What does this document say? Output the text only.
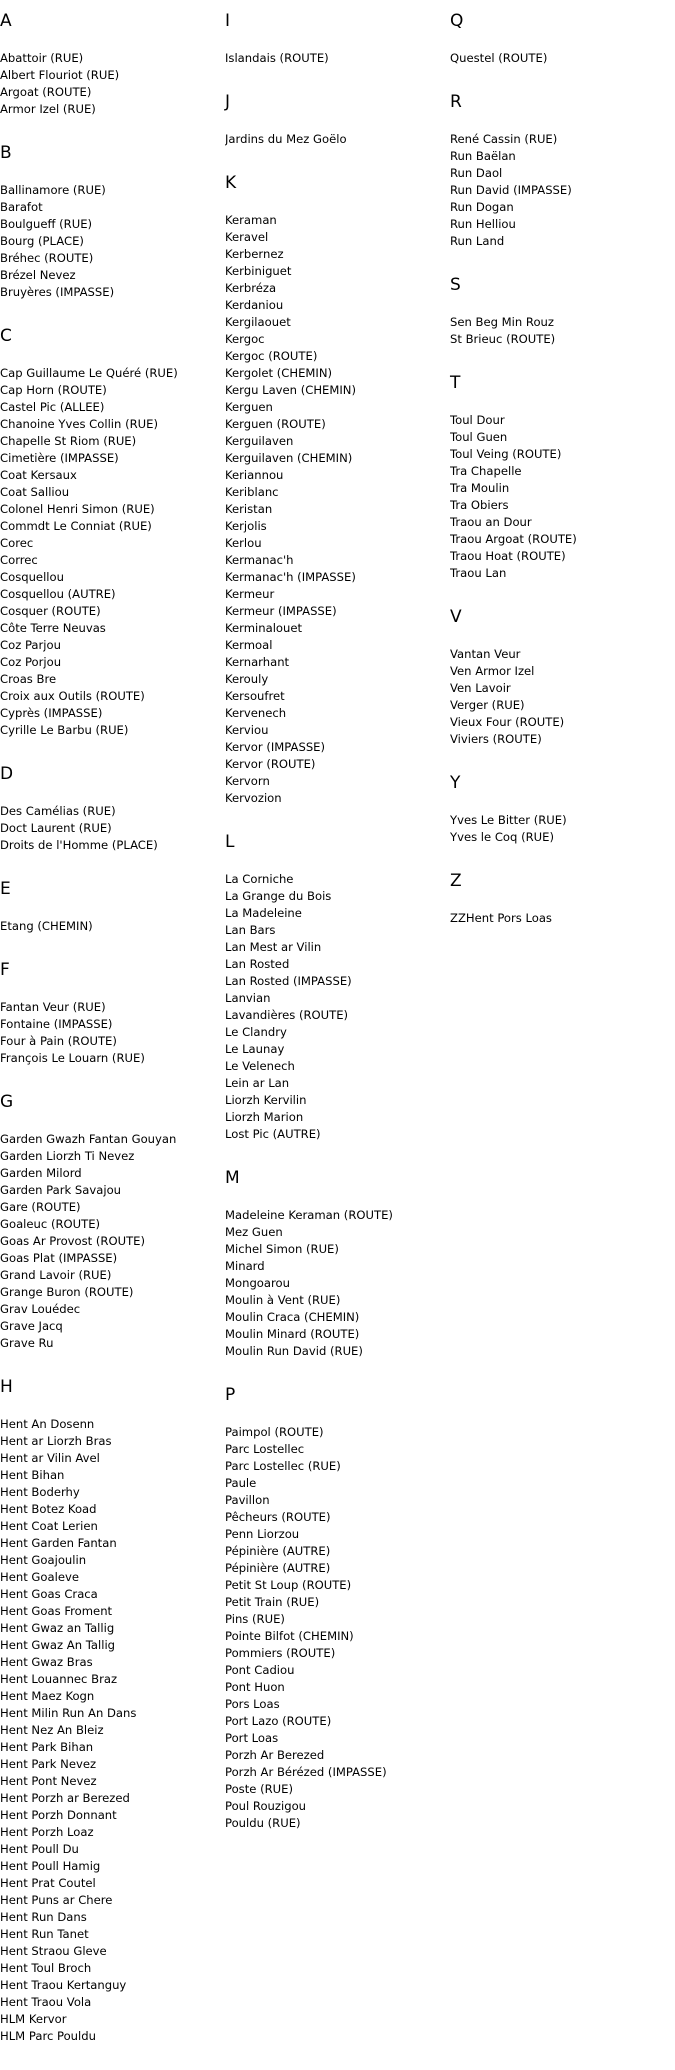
A
Abattoir (RUE)
Albert Flouriot (RUE)
Argoat (ROUTE)
Armor Izel (RUE)
B
Ballinamore (RUE)
Barafot
Boulgueff (RUE)
Bourg (PLACE)
Bréhec (ROUTE)
Brézel Nevez
Bruyères (IMPASSE)
C
Cap Guillaume Le Quéré (RUE)
Cap Horn (ROUTE)
Castel Pic (ALLEE)
Chanoine Yves Collin (RUE)
Chapelle St Riom (RUE)
Cimetière (IMPASSE)
Coat Kersaux
Coat Salliou
Colonel Henri Simon (RUE)
Commdt Le Conniat (RUE)
Corec
Correc
Cosquellou
Cosquellou (AUTRE)
Cosquer (ROUTE)
Côte Terre Neuvas
Coz Parjou
Coz Porjou
Croas Bre
Croix aux Outils (ROUTE)
Cyprès (IMPASSE)
Cyrille Le Barbu (RUE)
D
Des Camélias (RUE)
Doct Laurent (RUE)
Droits de l'Homme (PLACE)
E
Etang (CHEMIN)
F
Fantan Veur (RUE)
Fontaine (IMPASSE)
Four à Pain (ROUTE)
François Le Louarn (RUE)
G
Garden Gwazh Fantan Gouyan
Garden Liorzh Ti Nevez
Garden Milord
Garden Park Savajou
Gare (ROUTE)
Goaleuc (ROUTE)
Goas Ar Provost (ROUTE)
Goas Plat (IMPASSE)
Grand Lavoir (RUE)
Grange Buron (ROUTE)
Grav Louédec
Grave Jacq
Grave Ru
H
Hent An Dosenn
Hent ar Liorzh Bras
Hent ar Vilin Avel
Hent Bihan
Hent Boderhy
Hent Botez Koad
Hent Coat Lerien
Hent Garden Fantan
Hent Goajoulin
Hent Goaleve
Hent Goas Craca
Hent Goas Froment
Hent Gwaz an Tallig
Hent Gwaz An Tallig
Hent Gwaz Bras
Hent Louannec Braz
Hent Maez Kogn
Hent Milin Run An Dans
Hent Nez An Bleiz
Hent Park Bihan
Hent Park Nevez
Hent Pont Nevez
Hent Porzh ar Berezed
Hent Porzh Donnant
Hent Porzh Loaz
Hent Poull Du
Hent Poull Hamig
Hent Prat Coutel
Hent Puns ar Chere
Hent Run Dans
Hent Run Tanet
Hent Straou Gleve
Hent Toul Broch
Hent Traou Kertanguy
Hent Traou Vola
HLM Kervor
HLM Parc Pouldu
I
Islandais (ROUTE)
J
Jardins du Mez Goëlo
K
Keraman
Keravel
Kerbernez
Kerbiniguet
Kerbréza
Kerdaniou
Kergilaouet
Kergoc
Kergoc (ROUTE)
Kergolet (CHEMIN)
Kergu Laven (CHEMIN)
Kerguen
Kerguen (ROUTE)
Kerguilaven
Kerguilaven (CHEMIN)
Keriannou
Keriblanc
Keristan
Kerjolis
Kerlou
Kermanac'h
Kermanac'h (IMPASSE)
Kermeur
Kermeur (IMPASSE)
Kerminalouet
Kermoal
Kernarhant
Kerouly
Kersoufret
Kervenech
Kerviou
Kervor (IMPASSE)
Kervor (ROUTE)
Kervorn
Kervozion
L
La Corniche
La Grange du Bois
La Madeleine
Lan Bars
Lan Mest ar Vilin
Lan Rosted
Lan Rosted (IMPASSE)
Lanvian
Lavandières (ROUTE)
Le Clandry
Le Launay
Le Velenech
Lein ar Lan
Liorzh Kervilin
Liorzh Marion
Lost Pic (AUTRE)
M
Madeleine Keraman (ROUTE)
Mez Guen
Michel Simon (RUE)
Minard
Mongoarou
Moulin à Vent (RUE)
Moulin Craca (CHEMIN)
Moulin Minard (ROUTE)
Moulin Run David (RUE)
P
Paimpol (ROUTE)
Parc Lostellec
Parc Lostellec (RUE)
Paule
Pavillon
Pêcheurs (ROUTE)
Penn Liorzou
Pépinière (AUTRE)
Pépinière (AUTRE)
Petit St Loup (ROUTE)
Petit Train (RUE)
Pins (RUE)
Pointe Bilfot (CHEMIN)
Pommiers (ROUTE)
Pont Cadiou
Pont Huon
Pors Loas
Port Lazo (ROUTE)
Port Loas
Porzh Ar Berezed
Porzh Ar Bérézed (IMPASSE)
Poste (RUE)
Poul Rouzigou
Pouldu (RUE)
Q
Questel (ROUTE)
R
René Cassin (RUE)
Run Baëlan
Run Daol
Run David (IMPASSE)
Run Dogan
Run Helliou
Run Land
S
Sen Beg Min Rouz
St Brieuc (ROUTE)
T
Toul Dour
Toul Guen
Toul Veing (ROUTE)
Tra Chapelle
Tra Moulin
Tra Obiers
Traou an Dour
Traou Argoat (ROUTE)
Traou Hoat (ROUTE)
Traou Lan
V
Vantan Veur
Ven Armor Izel
Ven Lavoir
Verger (RUE)
Vieux Four (ROUTE)
Viviers (ROUTE)
Y
Yves Le Bitter (RUE)
Yves le Coq (RUE)
Z
ZZHent Pors Loas
